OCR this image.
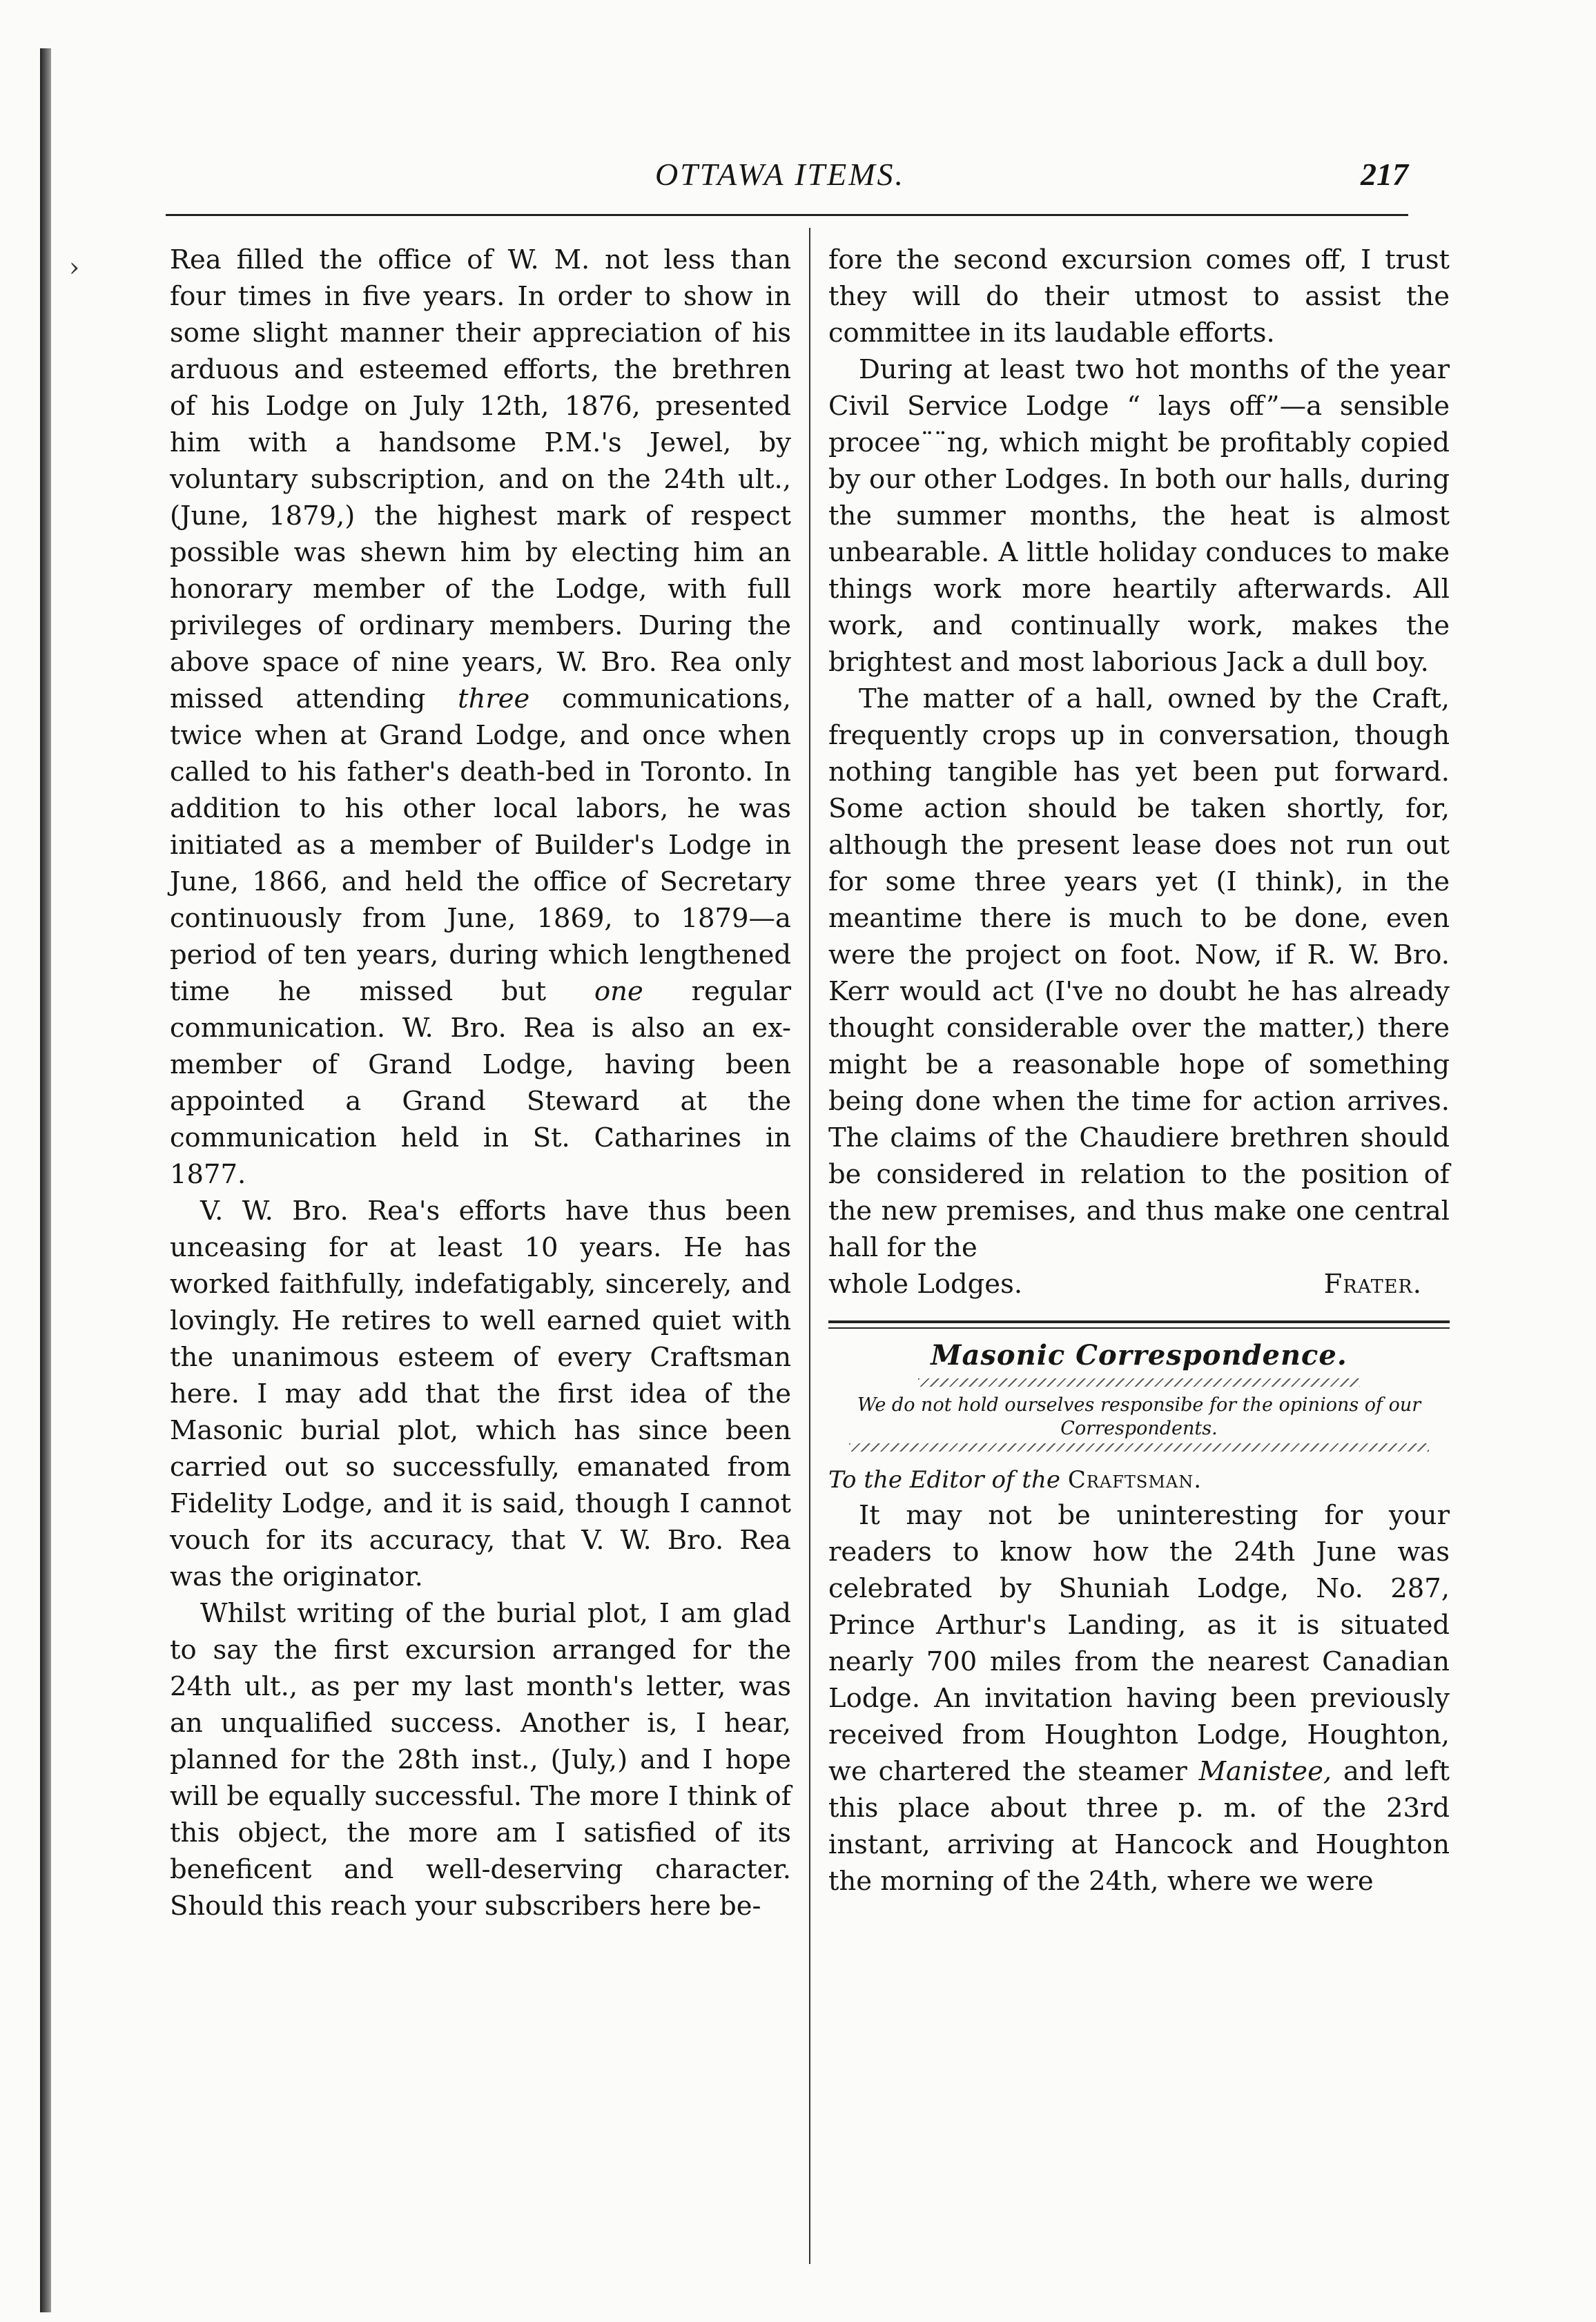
›
OTTAWA ITEMS.	217

Rea filled the office of W. M. not less than four times in five years. In order to show in some slight manner their appreciation of his arduous and esteemed efforts, the brethren of his Lodge on July 12th, 1876, presented him with a handsome P.M.'s Jewel, by voluntary subscription, and on the 24th ult., (June, 1879,) the highest mark of respect possible was shewn him by electing him an honorary member of the Lodge, with full privileges of ordinary members. During the above space of nine years, W. Bro. Rea only missed attending three communications, twice when at Grand Lodge, and once when called to his father's death-bed in Toronto. In addition to his other local labors, he was initiated as a member of Builder's Lodge in June, 1866, and held the office of Secretary continuously from June, 1869, to 1879—a period of ten years, during which lengthened time he missed but one regular communication. W. Bro. Rea is also an ex-member of Grand Lodge, having been appointed a Grand Steward at the communication held in St. Catharines in 1877.

V. W. Bro. Rea's efforts have thus been unceasing for at least 10 years. He has worked faithfully, indefatigably, sincerely, and lovingly. He retires to well earned quiet with the unanimous esteem of every Craftsman here. I may add that the first idea of the Masonic burial plot, which has since been carried out so successfully, emanated from Fidelity Lodge, and it is said, though I cannot vouch for its accuracy, that V. W. Bro. Rea was the originator.

Whilst writing of the burial plot, I am glad to say the first excursion arranged for the 24th ult., as per my last month's letter, was an unqualified success. Another is, I hear, planned for the 28th inst., (July,) and I hope will be equally successful. The more I think of this object, the more am I satisfied of its beneficent and well-deserving character. Should this reach your subscribers here be-

fore the second excursion comes off, I trust they will do their utmost to assist the committee in its laudable efforts.

During at least two hot months of the year Civil Service Lodge “ lays off”—a sensible procee¨¨ng, which might be profitably copied by our other Lodges. In both our halls, during the summer months, the heat is almost unbearable. A little holiday conduces to make things work more heartily afterwards. All work, and continually work, makes the brightest and most laborious Jack a dull boy.

The matter of a hall, owned by the Craft, frequently crops up in conversation, though nothing tangible has yet been put forward. Some action should be taken shortly, for, although the present lease does not run out for some three years yet (I think), in the meantime there is much to be done, even were the project on foot. Now, if R. W. Bro. Kerr would act (I've no doubt he has already thought considerable over the matter,) there might be a reasonable hope of something being done when the time for action arrives. The claims of the Chaudiere brethren should be considered in relation to the position of the new premises, and thus make one central hall for the

whole Lodges.	Frater.
Masonic Correspondence.
We do not hold ourselves responsibe for the opinions of our Correspondents.
To the Editor of the Craftsman.

It may not be uninteresting for your readers to know how the 24th June was celebrated by Shuniah Lodge, No. 287, Prince Arthur's Landing, as it is situated nearly 700 miles from the nearest Canadian Lodge. An invitation having been previously received from Houghton Lodge, Houghton, we chartered the steamer Manistee, and left this place about three p. m. of the 23rd instant, arriving at Hancock and Houghton the morning of the 24th, where we were
